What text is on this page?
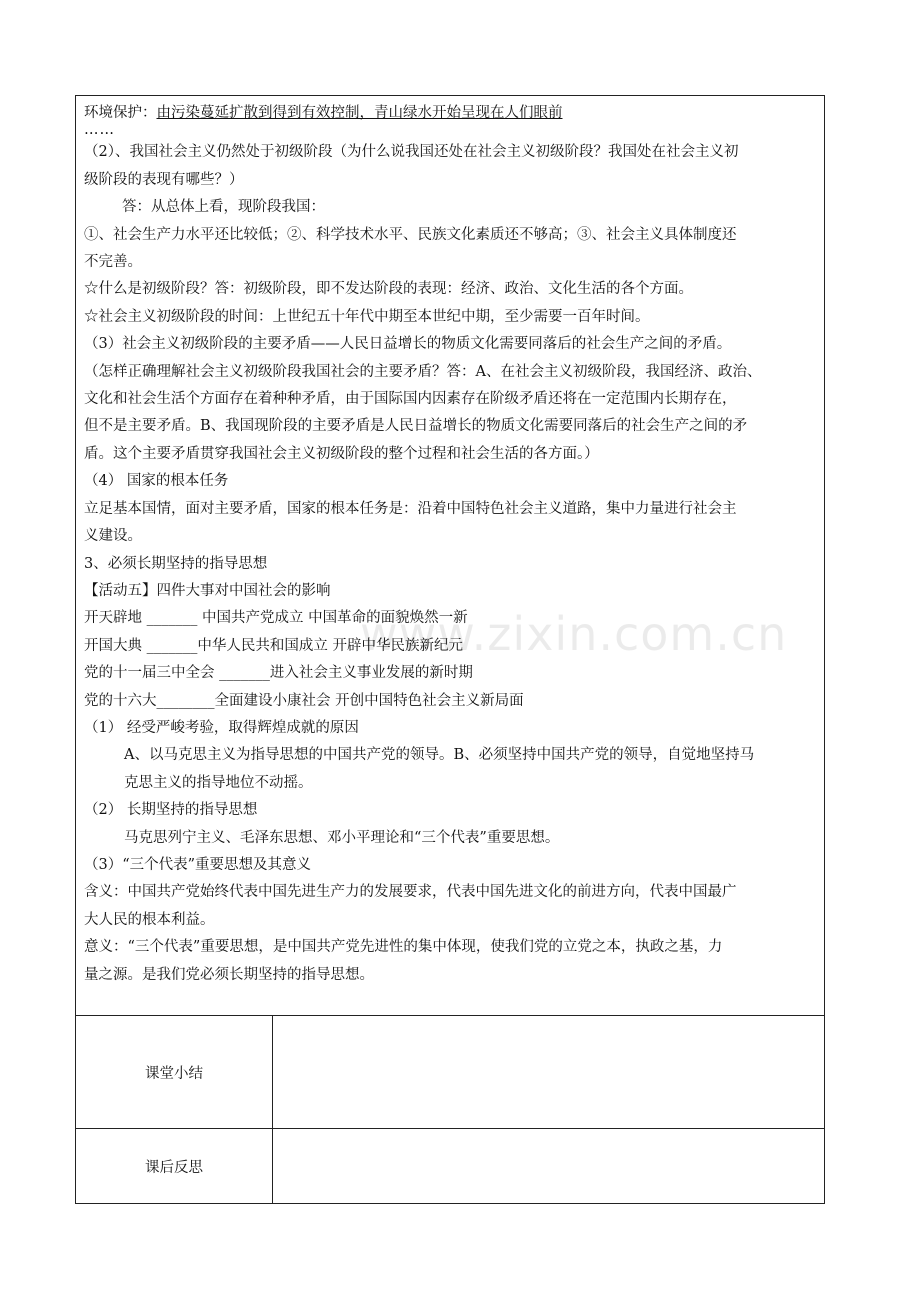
环境保护：由污染蔓延扩散到得到有效控制，青山绿水开始呈现在人们眼前
……
（2）、我国社会主义仍然处于初级阶段（为什么说我国还处在社会主义初级阶段？我国处在社会主义初
级阶段的表现有哪些？）
答：从总体上看，现阶段我国：
①、社会生产力水平还比较低；②、科学技术水平、民族文化素质还不够高；③、社会主义具体制度还
不完善。
☆什么是初级阶段？答：初级阶段，即不发达阶段的表现：经济、政治、文化生活的各个方面。
☆社会主义初级阶段的时间：上世纪五十年代中期至本世纪中期，至少需要一百年时间。
（3）社会主义初级阶段的主要矛盾——人民日益增长的物质文化需要同落后的社会生产之间的矛盾。
（怎样正确理解社会主义初级阶段我国社会的主要矛盾？答：A、在社会主义初级阶段，我国经济、政治、
文化和社会生活个方面存在着种种矛盾，由于国际国内因素存在阶级矛盾还将在一定范围内长期存在，
但不是主要矛盾。B、我国现阶段的主要矛盾是人民日益增长的物质文化需要同落后的社会生产之间的矛
盾。这个主要矛盾贯穿我国社会主义初级阶段的整个过程和社会生活的各方面。）
（4） 国家的根本任务
立足基本国情，面对主要矛盾，国家的根本任务是：沿着中国特色社会主义道路，集中力量进行社会主
义建设。
3、必须长期坚持的指导思想
【活动五】四件大事对中国社会的影响
开天辟地 _______ 中国共产党成立 中国革命的面貌焕然一新
开国大典 _______中华人民共和国成立 开辟中华民族新纪元
党的十一届三中全会 _______进入社会主义事业发展的新时期
党的十六大________全面建设小康社会 开创中国特色社会主义新局面
（1） 经受严峻考验，取得辉煌成就的原因
A、以马克思主义为指导思想的中国共产党的领导。B、必须坚持中国共产党的领导，自觉地坚持马
克思主义的指导地位不动摇。
（2） 长期坚持的指导思想
马克思列宁主义、毛泽东思想、邓小平理论和“三个代表”重要思想。
（3）“三个代表”重要思想及其意义
含义：中国共产党始终代表中国先进生产力的发展要求，代表中国先进文化的前进方向，代表中国最广
大人民的根本利益。
意义：“三个代表”重要思想，是中国共产党先进性的集中体现，使我们党的立党之本，执政之基，力
量之源。是我们党必须长期坚持的指导思想。
课堂小结	
课后反思	
www.zixin.com.cn
